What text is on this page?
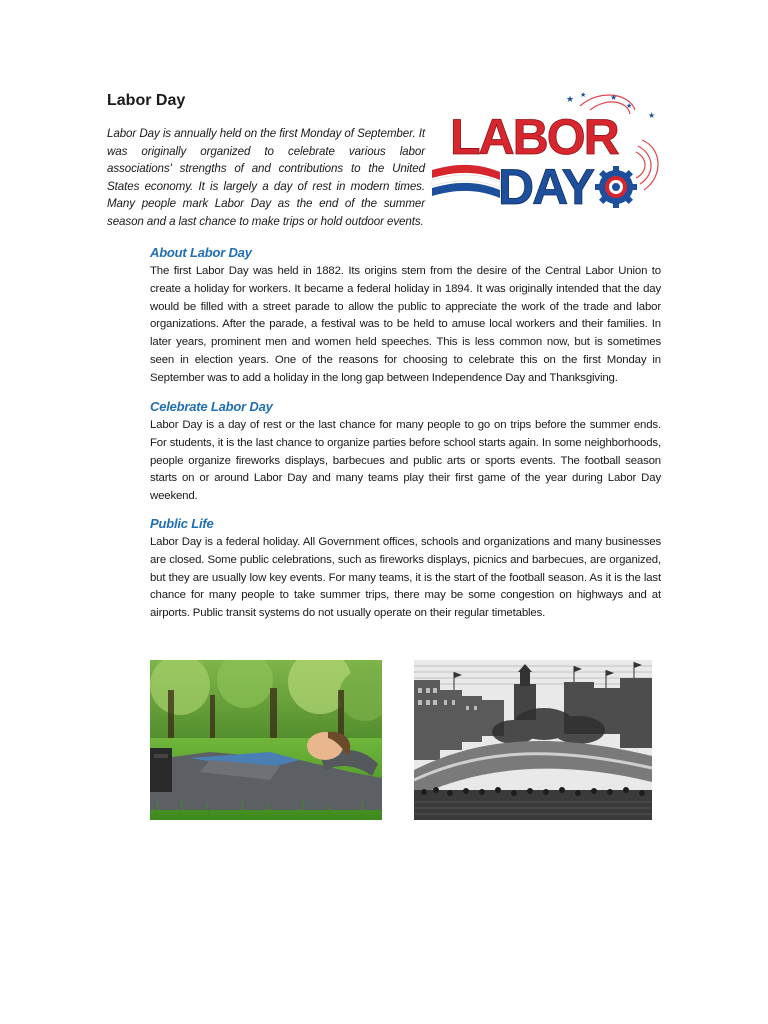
Labor Day

Labor Day is annually held on the first Monday of September. It was originally organized to celebrate various labor associations' strengths of and contributions to the United States economy. It is largely a day of rest in modern times. Many people mark Labor Day as the end of the summer season and a last chance to make trips or hold outdoor events.

★ ★	★
★
★
LABOR
DAY
About Labor Day

The first Labor Day was held in 1882. Its origins stem from the desire of the Central Labor Union to create a holiday for workers. It became a federal holiday in 1894. It was originally intended that the day would be filled with a street parade to allow the public to appreciate the work of the trade and labor organizations. After the parade, a festival was to be held to amuse local workers and their families. In later years, prominent men and women held speeches. This is less common now, but is sometimes seen in election years. One of the reasons for choosing to celebrate this on the first Monday in September was to add a holiday in the long gap between Independence Day and Thanksgiving.

Celebrate Labor Day

Labor Day is a day of rest or the last chance for many people to go on trips before the summer ends. For students, it is the last chance to organize parties before school starts again. In some neighborhoods, people organize fireworks displays, barbecues and public arts or sports events. The football season starts on or around Labor Day and many teams play their first game of the year during Labor Day weekend.

Public Life

Labor Day is a federal holiday. All Government offices, schools and organizations and many businesses are closed. Some public celebrations, such as fireworks displays, picnics and barbecues, are organized, but they are usually low key events. For many teams, it is the start of the football season. As it is the last chance for many people to take summer trips, there may be some congestion on highways and at airports. Public transit systems do not usually operate on their regular timetables.
